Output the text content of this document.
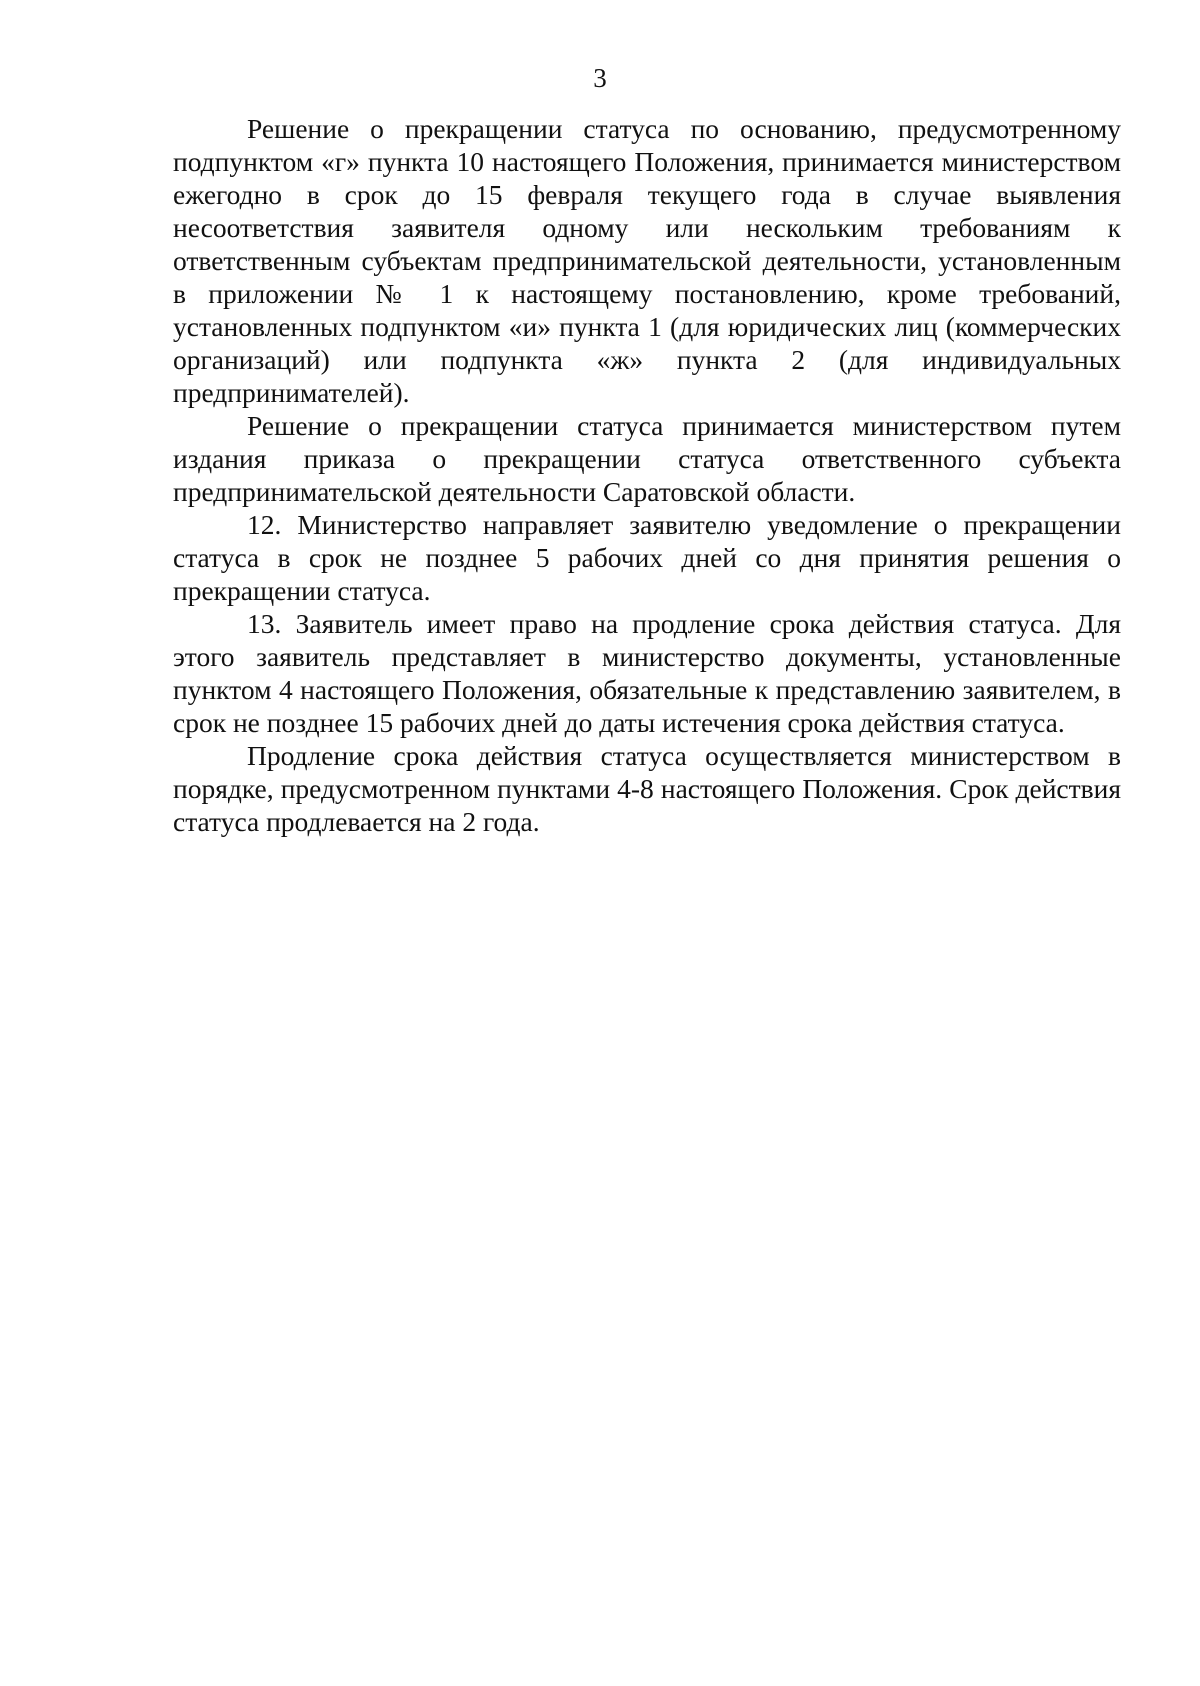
3

Решение о прекращении статуса по основанию, предусмотренному подпунктом «г» пункта 10 настоящего Положения, принимается министерством ежегодно в срок до 15 февраля текущего года в случае выявления несоответствия заявителя одному или нескольким требованиям к ответственным субъектам предпринимательской деятельности, установленным в приложении № 1 к настоящему постановлению, кроме требований, установленных подпунктом «и» пункта 1 (для юридических лиц (коммерческих организаций) или подпункта «ж» пункта 2 (для индивидуальных предпринимателей).

Решение о прекращении статуса принимается министерством путем издания приказа о прекращении статуса ответственного субъекта предпринимательской деятельности Саратовской области.

12. Министерство направляет заявителю уведомление о прекращении статуса в срок не позднее 5 рабочих дней со дня принятия решения о прекращении статуса.

13. Заявитель имеет право на продление срока действия статуса. Для этого заявитель представляет в министерство документы, установленные пунктом 4 настоящего Положения, обязательные к представлению заявителем, в срок не позднее 15 рабочих дней до даты истечения срока действия статуса.

Продление срока действия статуса осуществляется министерством в порядке, предусмотренном пунктами 4-8 настоящего Положения. Срок действия статуса продлевается на 2 года.
